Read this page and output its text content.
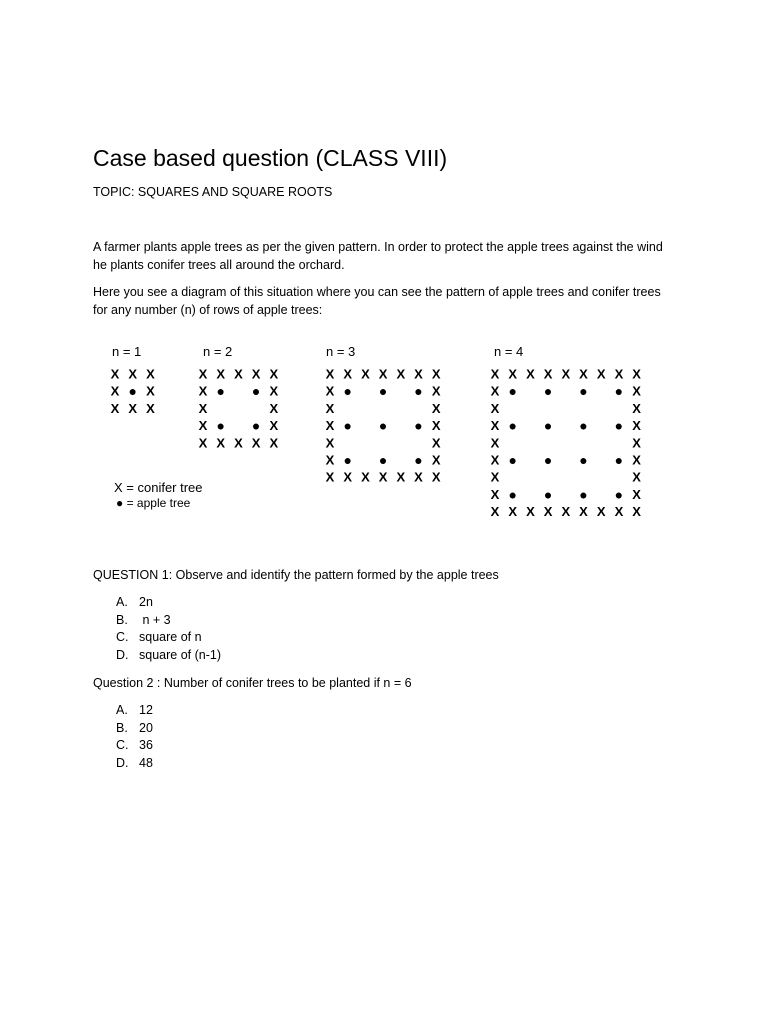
Case based question (CLASS VIII)
TOPIC: SQUARES AND SQUARE ROOTS
A farmer plants apple trees as per the given pattern. In order to protect the apple trees against the wind he plants conifer trees all around the orchard.
Here you see a diagram of this situation where you can see the pattern of apple trees and conifer trees for any number (n) of rows of apple trees:
n = 1
X X X
X ● X
X X X
n = 2
X X X X X
X ● ● X
X	X
X ● ● X
X X X X X
n = 3
X X X X X X X
X ● ● ● X
X	X
X ● ● ● X
X	X
X ● ● ● X
X X X X X X X
n = 4
X X X X X X X X X
X ● ● ● ● X
X	X
X ● ● ● ● X
X	X
X ● ● ● ● X
X	X
X ● ● ● ● X
X X X X X X X X X
X = conifer tree
● = apple tree
QUESTION 1: Observe and identify the pattern formed by the apple trees
A. 2n
B. n + 3
C. square of n
D. square of (n-1)
Question 2 : Number of conifer trees to be planted if n = 6
A. 12
B. 20
C. 36
D. 48
